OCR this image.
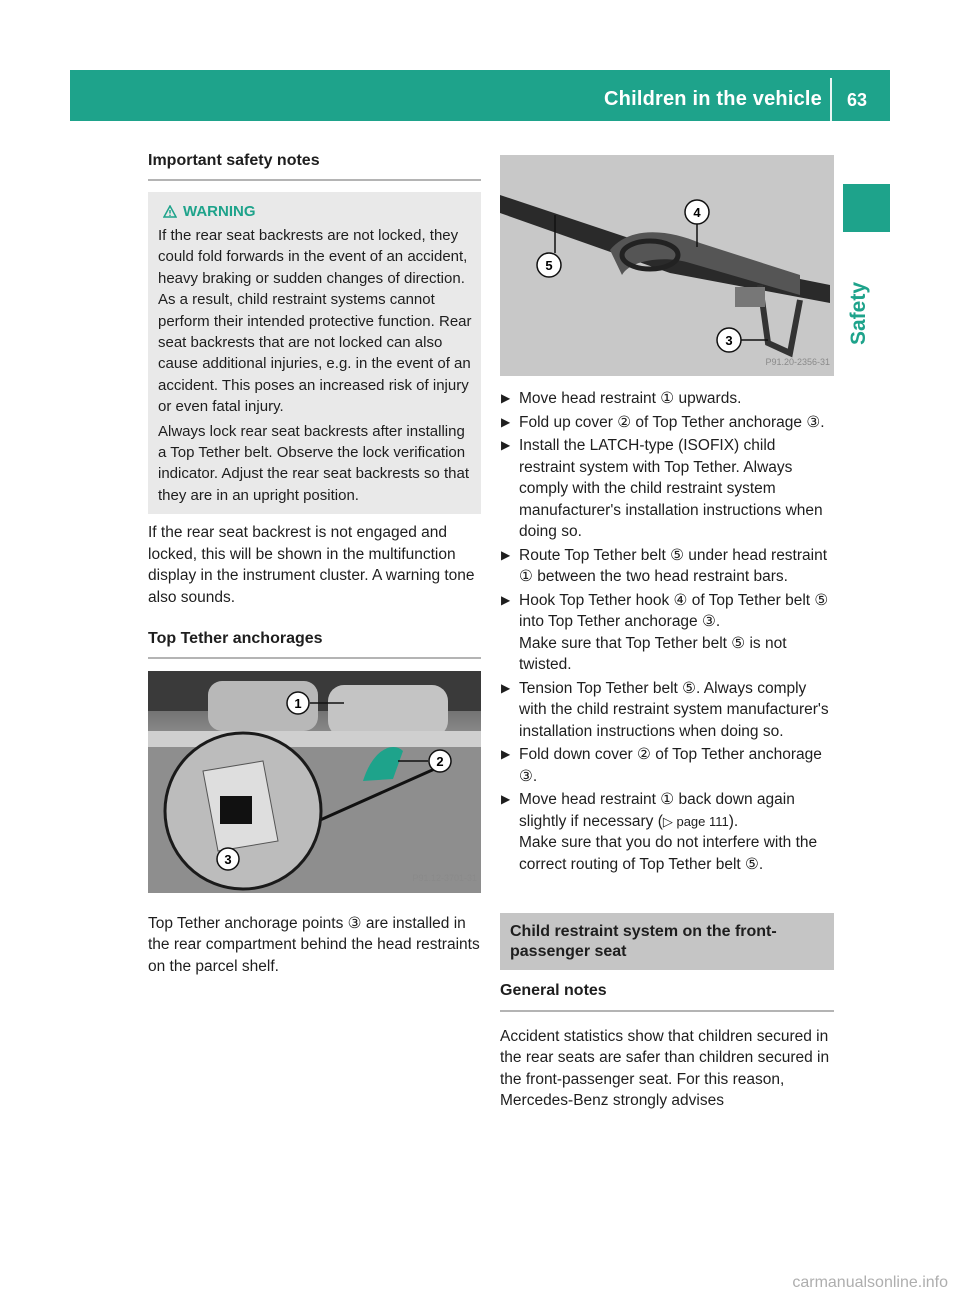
Children in the vehicle 63
Safety
Important safety notes
WARNING

If the rear seat backrests are not locked, they could fold forwards in the event of an accident, heavy braking or sudden changes of direction. As a result, child restraint systems cannot perform their intended protective function. Rear seat backrests that are not locked can also cause additional injuries, e.g. in the event of an accident. This poses an increased risk of injury or even fatal injury.

Always lock rear seat backrests after installing a Top Tether belt. Observe the lock verification indicator. Adjust the rear seat backrests so that they are in an upright position.

If the rear seat backrest is not engaged and locked, this will be shown in the multifunction display in the instrument cluster. A warning tone also sounds.

Top Tether anchorages
1
2
3
P91.12-3701-31

Top Tether anchorage points ③ are installed in the rear compartment behind the head restraints on the parcel shelf.

4
5
3
P91.20-2356-31
▶ Move head restraint ① upwards.
▶ Fold up cover ② of Top Tether anchorage ③.
▶ Install the LATCH-type (ISOFIX) child restraint system with Top Tether. Always comply with the child restraint system manufacturer's installation instructions when doing so.
▶ Route Top Tether belt ⑤ under head restraint ① between the two head restraint bars.
▶ Hook Top Tether hook ④ of Top Tether belt ⑤ into Top Tether anchorage ③.
Make sure that Top Tether belt ⑤ is not twisted.
▶ Tension Top Tether belt ⑤. Always comply with the child restraint system manufacturer's installation instructions when doing so.
▶ Fold down cover ② of Top Tether anchorage ③.
▶ Move head restraint ① back down again slightly if necessary (▷ page 111).
Make sure that you do not interfere with the correct routing of Top Tether belt ⑤.
Child restraint system on the front-passenger seat
General notes

Accident statistics show that children secured in the rear seats are safer than children secured in the front-passenger seat. For this reason, Mercedes-Benz strongly advises

carmanualsonline.info
